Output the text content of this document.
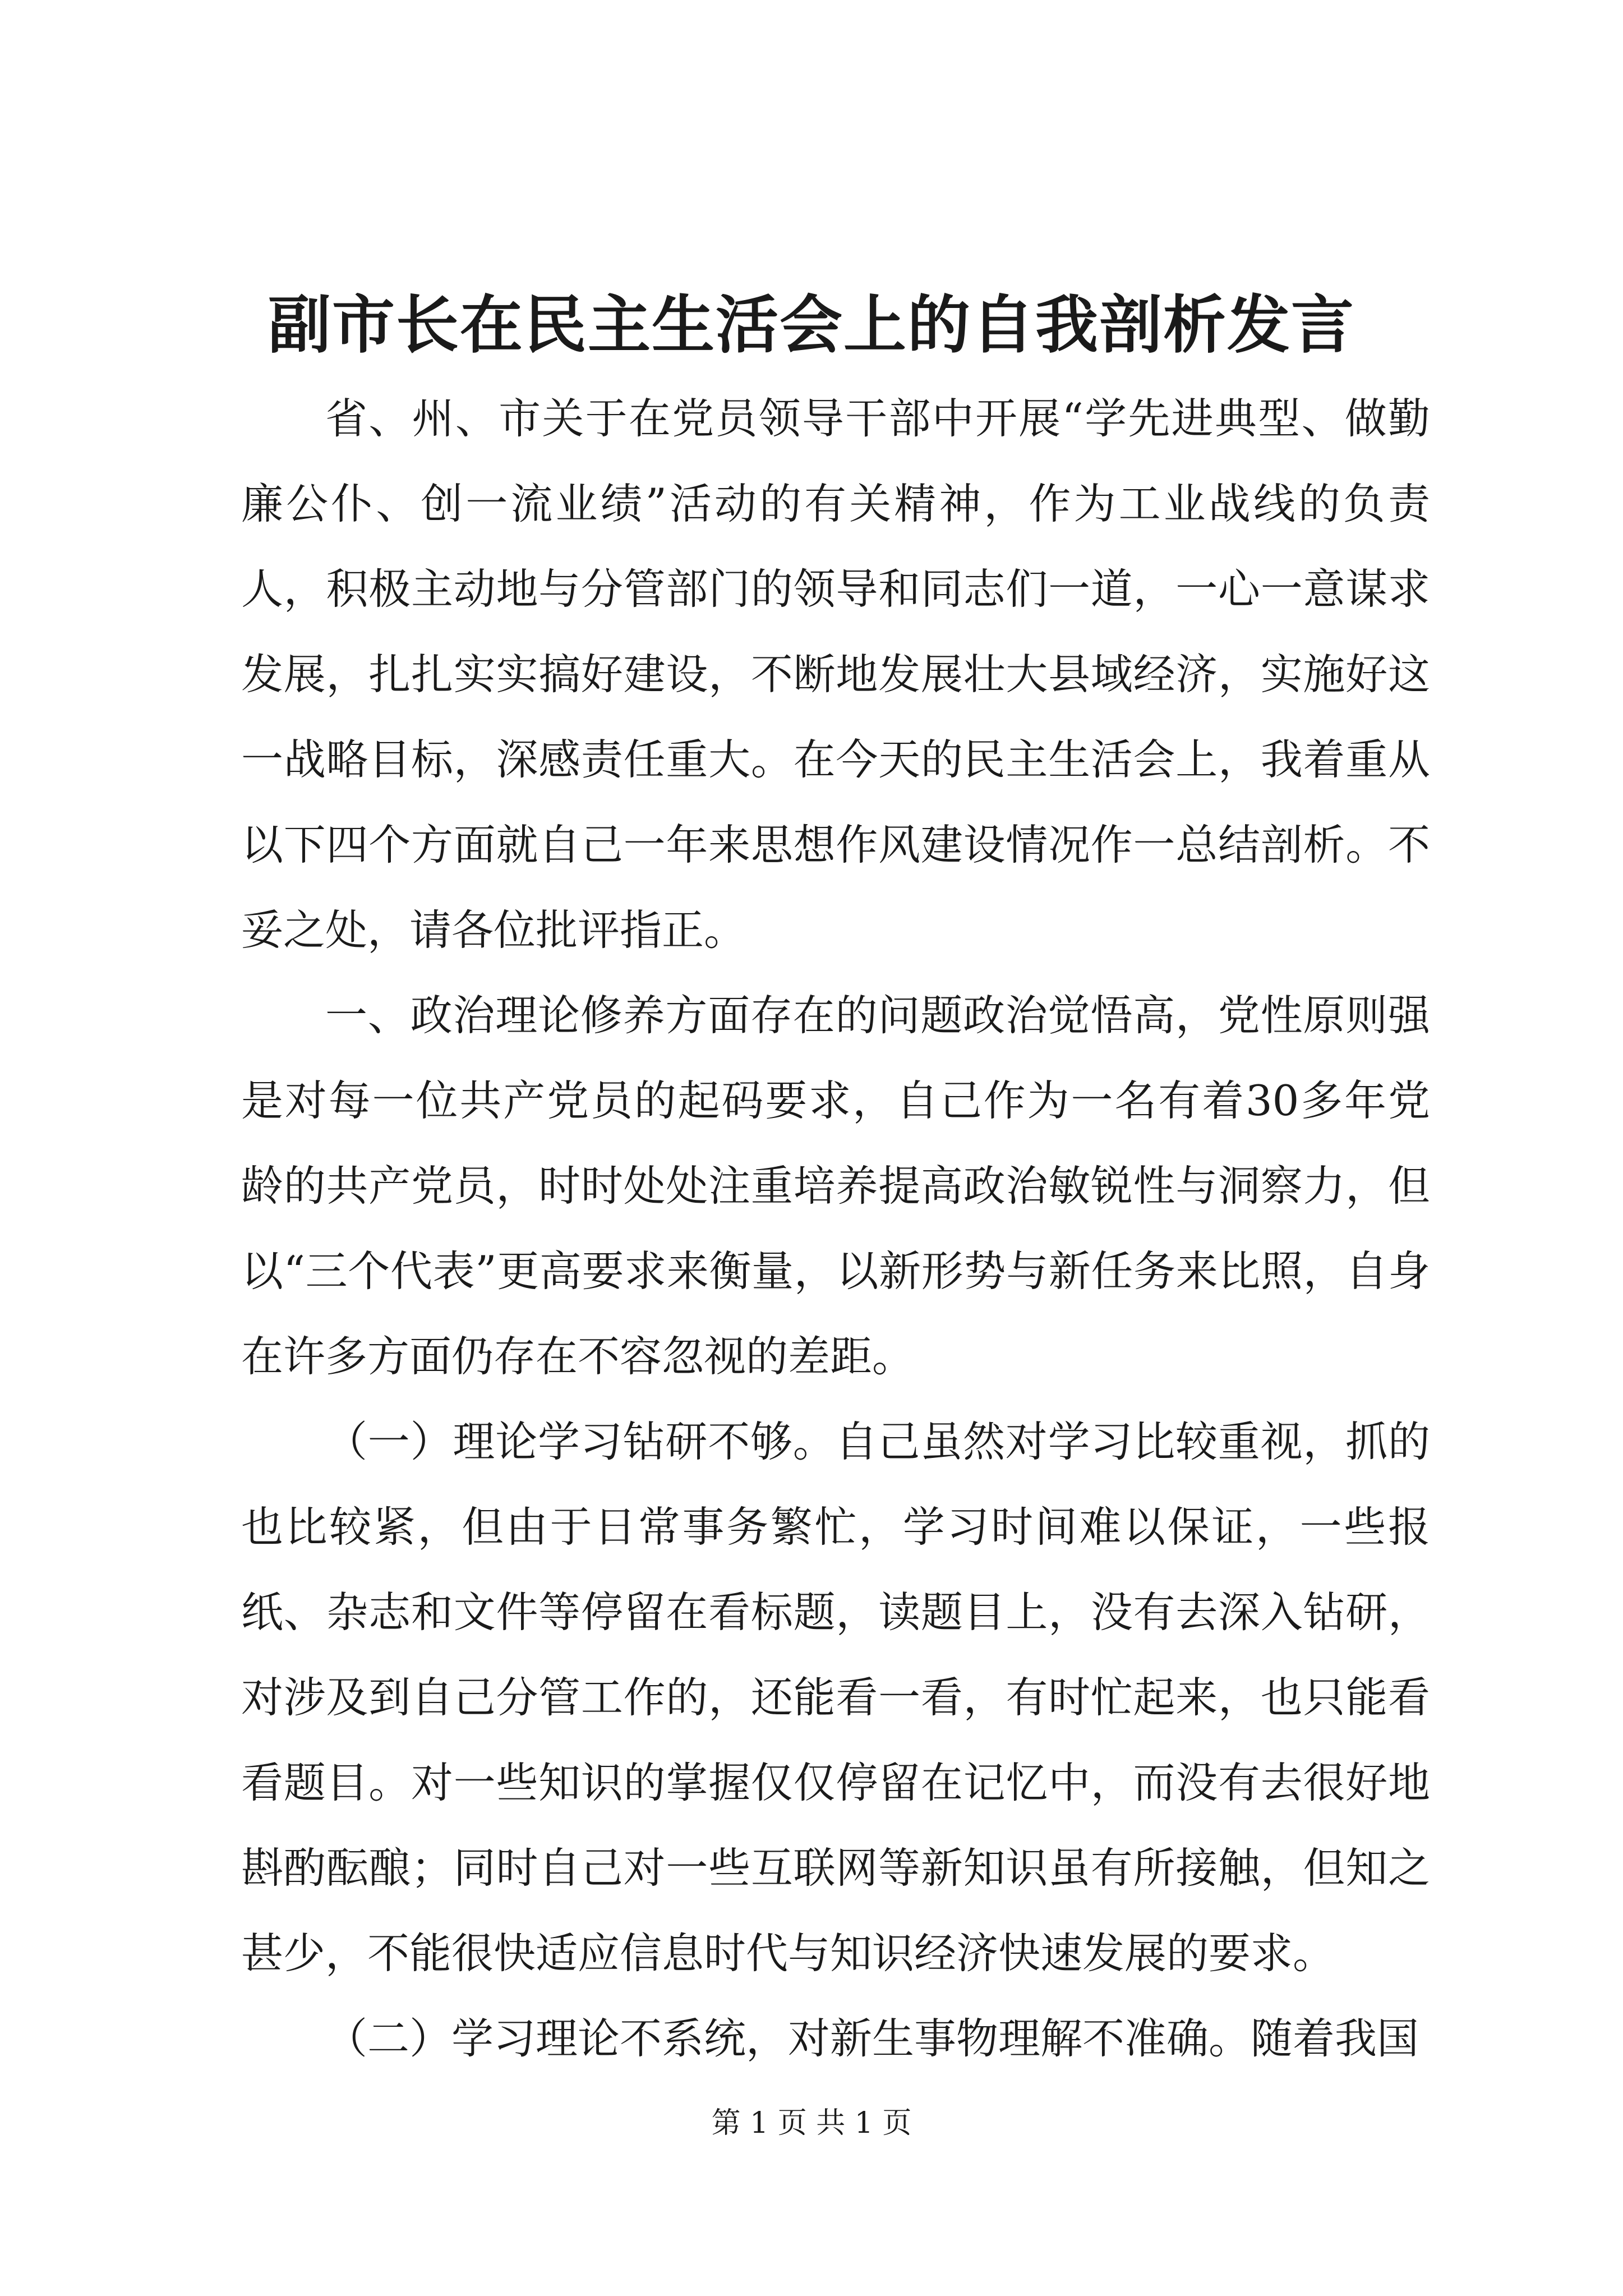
副市长在民主生活会上的自我剖析发言

省、州、市关于在党员领导干部中开展“学先进典型、做勤廉公仆、创一流业绩”活动的有关精神，作为工业战线的负责人，积极主动地与分管部门的领导和同志们一道，一心一意谋求发展，扎扎实实搞好建设，不断地发展壮大县域经济，实施好这一战略目标，深感责任重大。在今天的民主生活会上，我着重从以下四个方面就自己一年来思想作风建设情况作一总结剖析。不妥之处，请各位批评指正。

一、政治理论修养方面存在的问题政治觉悟高，党性原则强是对每一位共产党员的起码要求，自己作为一名有着30多年党龄的共产党员，时时处处注重培养提高政治敏锐性与洞察力，但以“三个代表”更高要求来衡量，以新形势与新任务来比照，自身在许多方面仍存在不容忽视的差距。

（一）理论学习钻研不够。自己虽然对学习比较重视，抓的也比较紧，但由于日常事务繁忙，学习时间难以保证，一些报纸、杂志和文件等停留在看标题，读题目上，没有去深入钻研，对涉及到自己分管工作的，还能看一看，有时忙起来，也只能看看题目。对一些知识的掌握仅仅停留在记忆中，而没有去很好地斟酌酝酿；同时自己对一些互联网等新知识虽有所接触，但知之甚少，不能很快适应信息时代与知识经济快速发展的要求。

（二）学习理论不系统，对新生事物理解不准确。随着我国

第 1 页 共 1 页
